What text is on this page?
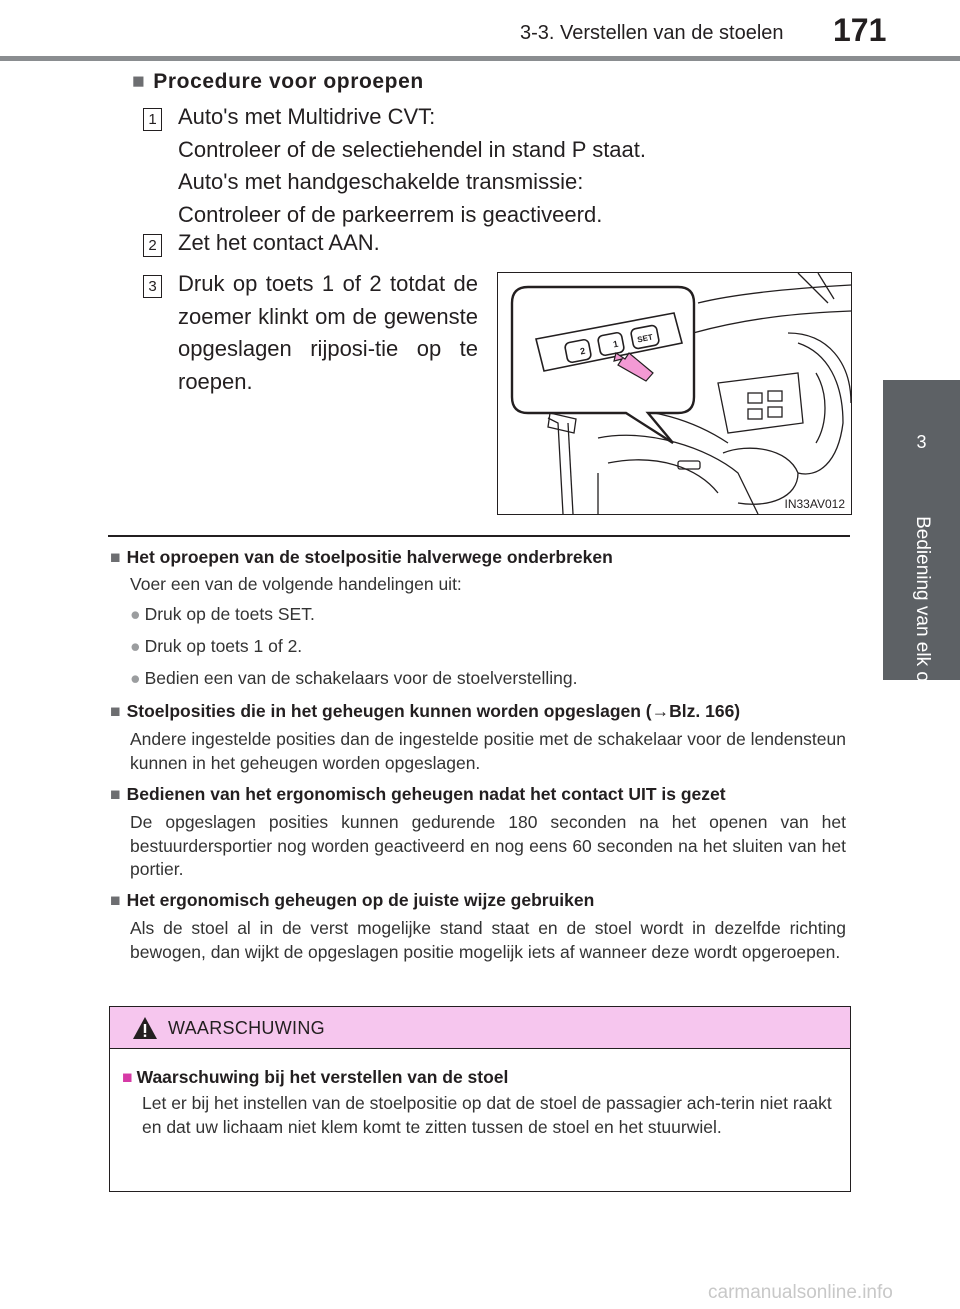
3-3. Verstellen van de stoelen 171
3
Bediening van elk onderdeel
■ Procedure voor oproepen
1 Auto's met Multidrive CVT:
Controleer of de selectiehendel in stand P staat.
Auto's met handgeschakelde transmissie:
Controleer of de parkeerrem is geactiveerd.
2 Zet het contact AAN.
3 Druk op toets 1 of 2 totdat de zoemer klinkt om de gewenste opgeslagen rijposi-tie op te roepen.
2
1 SET
IN33AV012
■ Het oproepen van de stoelpositie halverwege onderbreken
Voer een van de volgende handelingen uit:
● Druk op de toets SET.
● Druk op toets 1 of 2.
● Bedien een van de schakelaars voor de stoelverstelling.
■ Stoelposities die in het geheugen kunnen worden opgeslagen (→Blz. 166)
Andere ingestelde posities dan de ingestelde positie met de schakelaar voor de lendensteun kunnen in het geheugen worden opgeslagen.
■ Bedienen van het ergonomisch geheugen nadat het contact UIT is gezet
De opgeslagen posities kunnen gedurende 180 seconden na het openen van het bestuurdersportier nog worden geactiveerd en nog eens 60 seconden na het sluiten van het portier.
■ Het ergonomisch geheugen op de juiste wijze gebruiken
Als de stoel al in de verst mogelijke stand staat en de stoel wordt in dezelfde richting bewogen, dan wijkt de opgeslagen positie mogelijk iets af wanneer deze wordt opgeroepen.
WAARSCHUWING
■ Waarschuwing bij het verstellen van de stoel
Let er bij het instellen van de stoelpositie op dat de stoel de passagier ach-terin niet raakt en dat uw lichaam niet klem komt te zitten tussen de stoel en het stuurwiel.
carmanualsonline.info
